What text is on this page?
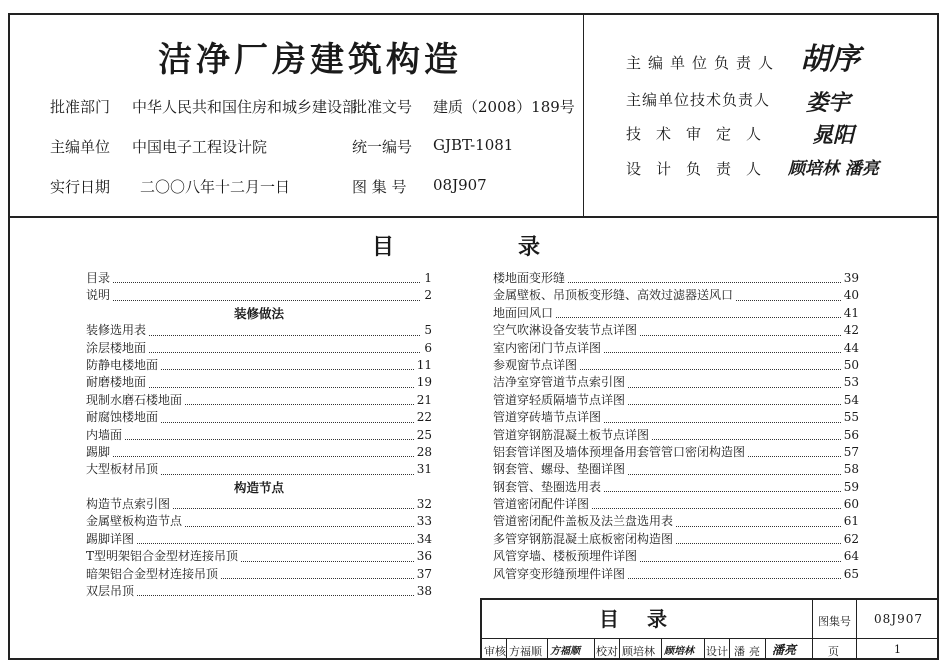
洁净厂房建筑构造
批准部门 中华人民共和国住房和城乡建设部
批准文号 建质（2008）189号
主编单位 中国电子工程设计院	统一编号 GJBT-1081
实行日期 二〇〇八年十二月一日	图 集 号 08J907
主编单位负责人 胡序
主编单位技术负责人 娄宇
技术审定人 晁阳
设计负责人 顾培林 潘亮
目	录
目录	1
说明	2
装修做法
装修选用表	5
涂层楼地面	6
防静电楼地面	11
耐磨楼地面	19
现制水磨石楼地面	21
耐腐蚀楼地面	22
内墙面	25
踢脚	28
大型板材吊顶	31
构造节点
构造节点索引图	32
金属壁板构造节点	33
踢脚详图	34
T型明架铝合金型材连接吊顶	36
暗架铝合金型材连接吊顶	37
双层吊顶	38
楼地面变形缝	39
金属壁板、吊顶板变形缝、高效过滤器送风口	40
地面回风口	41
空气吹淋设备安装节点详图	42
室内密闭门节点详图	44
参观窗节点详图	50
洁净室穿管道节点索引图	53
管道穿轻质隔墙节点详图	54
管道穿砖墙节点详图	55
管道穿钢筋混凝土板节点详图	56
铝套管详图及墙体预埋备用套管管口密闭构造图	57
钢套管、螺母、垫圈详图	58
钢套管、垫圈选用表	59
管道密闭配件详图	60
管道密闭配件盖板及法兰盘选用表	61
多管穿钢筋混凝土底板密闭构造图	62
风管穿墙、楼板预埋件详图	64
风管穿变形缝预埋件详图	65
目录	图集号 08J907
审核 方福顺 方福顺 校对 顾培林 顾培林 设计 潘亮 潘亮	页	1
